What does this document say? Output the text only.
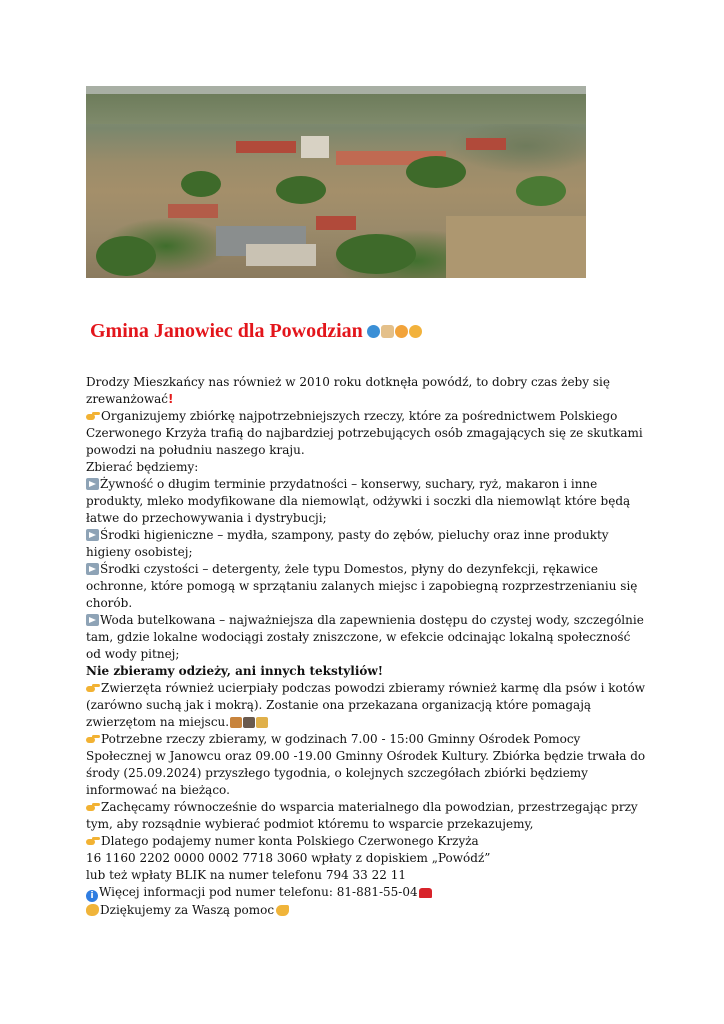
Gmina Janowiec dla Powodzian

Drodzy Mieszkańcy nas również w 2010 roku dotknęła powódź, to dobry czas żeby się
zrewanżować!

Organizujemy zbiórkę najpotrzebniejszych rzeczy, które za pośrednictwem Polskiego Czerwonego Krzyża trafią do najbardziej potrzebujących osób zmagających się ze skutkami powodzi na południu naszego kraju.

Zbierać będziemy:

Żywność o długim terminie przydatności – konserwy, suchary, ryż, makaron i inne produkty, mleko modyfikowane dla niemowląt, odżywki i soczki dla niemowląt które będą łatwe do przechowywania i dystrybucji;

Środki higieniczne – mydła, szampony, pasty do zębów, pieluchy oraz inne produkty higieny osobistej;

Środki czystości – detergenty, żele typu Domestos, płyny do dezynfekcji, rękawice ochronne, które pomogą w sprzątaniu zalanych miejsc i zapobiegną rozprzestrzenianiu się chorób.

Woda butelkowana – najważniejsza dla zapewnienia dostępu do czystej wody, szczególnie tam, gdzie lokalne wodociągi zostały zniszczone, w efekcie odcinając lokalną społeczność od wody pitnej;

Nie zbieramy odzieży, ani innych tekstyliów!

Zwierzęta również ucierpiały podczas powodzi zbieramy również karmę dla psów i kotów (zarówno suchą jak i mokrą). Zostanie ona przekazana organizacją które pomagają zwierzętom na miejscu.

Potrzebne rzeczy zbieramy, w godzinach 7.00 - 15:00 Gminny Ośrodek Pomocy Społecznej w Janowcu oraz 09.00 -19.00 Gminny Ośrodek Kultury. Zbiórka będzie trwała do środy (25.09.2024) przyszłego tygodnia, o kolejnych szczegółach zbiórki będziemy informować na bieżąco.

Zachęcamy równocześnie do wsparcia materialnego dla powodzian, przestrzegając przy tym, aby rozsądnie wybierać podmiot któremu to wsparcie przekazujemy,

Dlatego podajemy numer konta Polskiego Czerwonego Krzyża

16 1160 2202 0000 0002 7718 3060 wpłaty z dopiskiem „Powódź”

lub też wpłaty BLIK na numer telefonu 794 33 22 11

i Więcej informacji pod numer telefonu: 81-881-55-04

Dziękujemy za Waszą pomoc
